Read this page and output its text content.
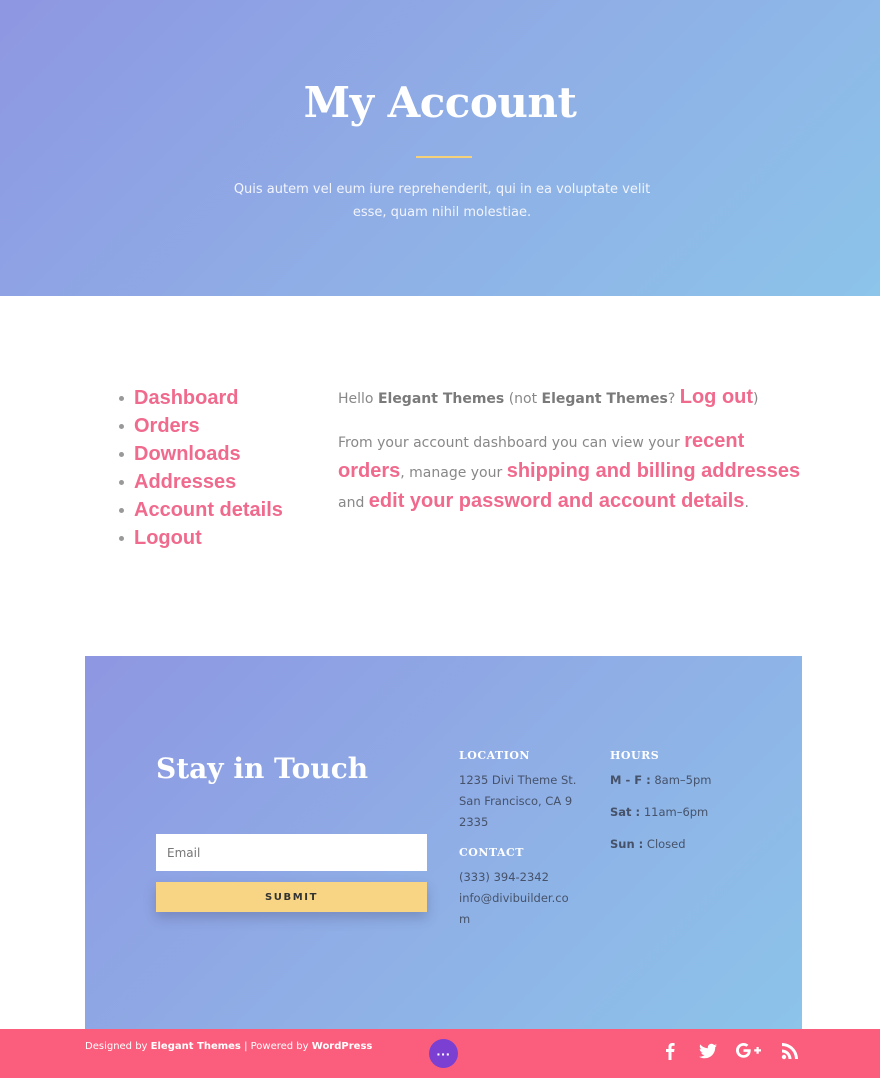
My Account

Quis autem vel eum iure reprehenderit, qui in ea voluptate velit esse, quam nihil molestiae.

Dashboard
Orders
Downloads
Addresses
Account details
Logout
Hello Elegant Themes (not Elegant Themes? Log out)
From your account dashboard you can view your recent orders, manage your shipping and billing addresses and edit your password and account details.
Stay in Touch
Email
SUBMIT
LOCATION
1235 Divi Theme St. San Francisco, CA 92335
CONTACT
(333) 394-2342
info@divibuilder.com
HOURS
M - F : 8am–5pm
Sat : 11am–6pm
Sun : Closed
Designed by Elegant Themes | Powered by WordPress	···
